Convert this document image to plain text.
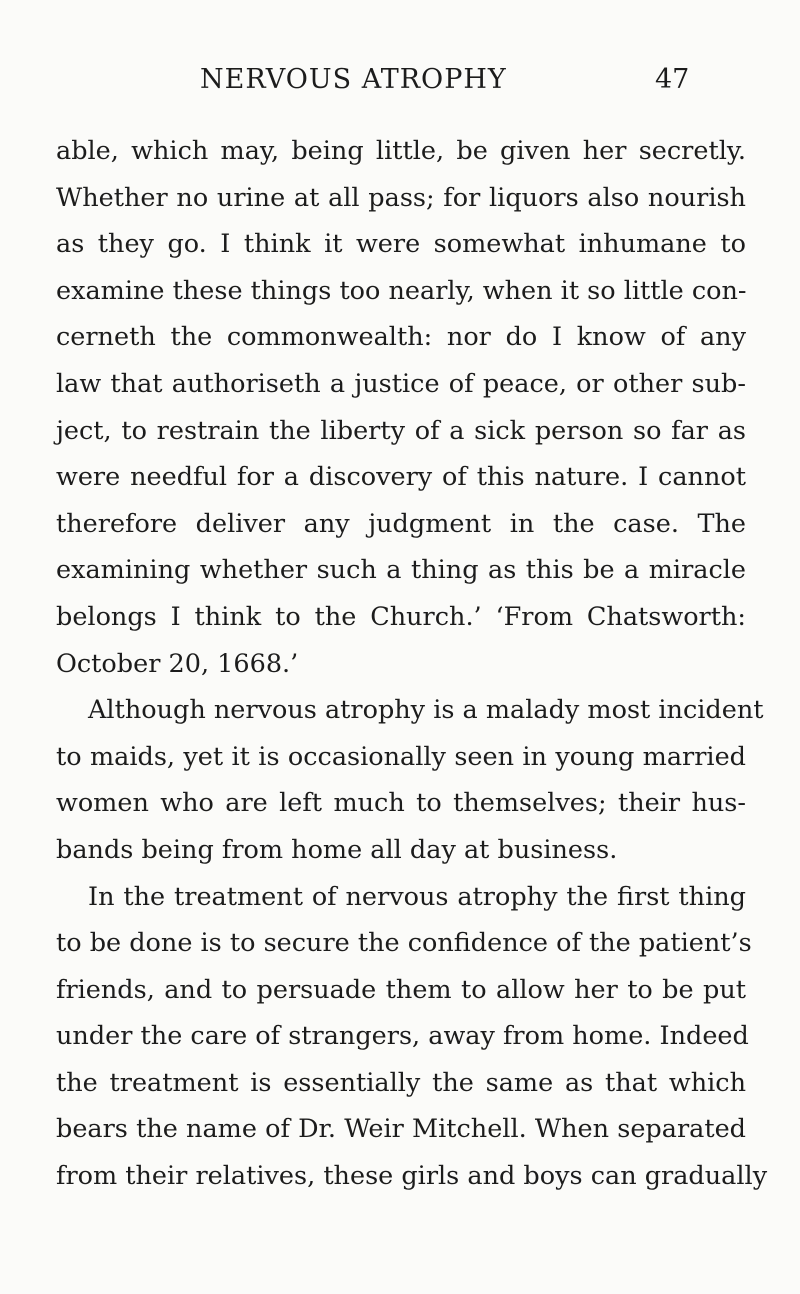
NERVOUS ATROPHY	47
able, which may, being little, be given her secretly.
Whether no urine at all pass; for liquors also nourish
as they go. I think it were somewhat inhumane to
examine these things too nearly, when it so little con-
cerneth the commonwealth: nor do I know of any
law that authoriseth a justice of peace, or other sub-
ject, to restrain the liberty of a sick person so far as
were needful for a discovery of this nature. I cannot
therefore deliver any judgment in the case. The
examining whether such a thing as this be a miracle
belongs I think to the Church.’ ‘From Chatsworth:
October 20, 1668.’
Although nervous atrophy is a malady most incident
to maids, yet it is occasionally seen in young married
women who are left much to themselves; their hus-
bands being from home all day at business.
In the treatment of nervous atrophy the first thing
to be done is to secure the confidence of the patient’s
friends, and to persuade them to allow her to be put
under the care of strangers, away from home. Indeed
the treatment is essentially the same as that which
bears the name of Dr. Weir Mitchell. When separated
from their relatives, these girls and boys can gradually
